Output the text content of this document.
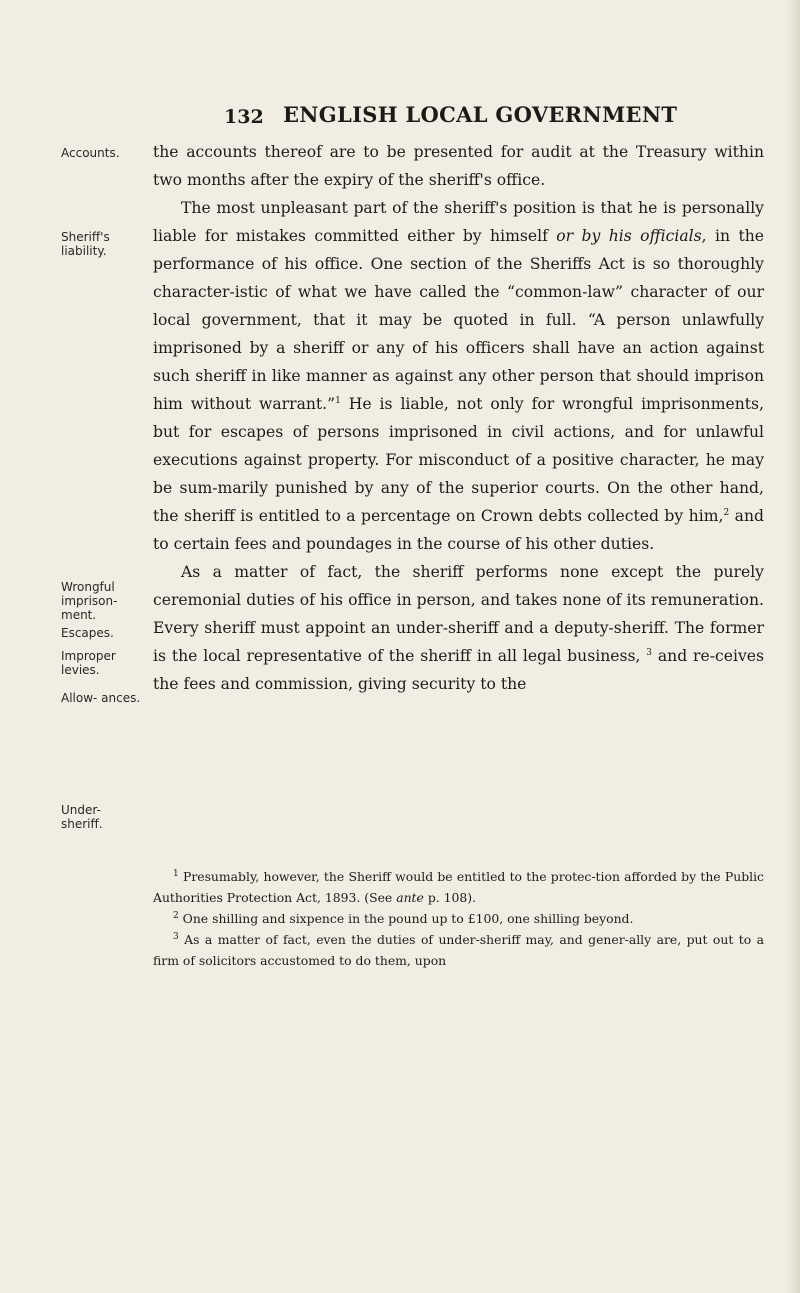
132 ENGLISH LOCAL GOVERNMENT
Accounts.
Sheriff's liability.
Wrongful imprison- ment.
Escapes.
Improper levies.
Allow- ances.
Under- sheriff.

the accounts thereof are to be presented for audit at the Treasury within two months after the expiry of the sheriff's office.

The most unpleasant part of the sheriff's position is that he is personally liable for mistakes committed either by himself or by his officials, in the performance of his office. One section of the Sheriffs Act is so thoroughly character-istic of what we have called the “common-law” character of our local government, that it may be quoted in full. “A person unlawfully imprisoned by a sheriff or any of his officers shall have an action against such sheriff in like manner as against any other person that should imprison him without warrant.”$^1$ He is liable, not only for wrongful imprisonments, but for escapes of persons imprisoned in civil actions, and for unlawful executions against property. For misconduct of a positive character, he may be sum-marily punished by any of the superior courts. On the other hand, the sheriff is entitled to a percentage on Crown debts collected by him,$^2$ and to certain fees and poundages in the course of his other duties.

As a matter of fact, the sheriff performs none except the purely ceremonial duties of his office in person, and takes none of its remuneration. Every sheriff must appoint an under-sheriff and a deputy-sheriff. The former is the local representative of the sheriff in all legal business, $^3$ and re-ceives the fees and commission, giving security to the

$^1$ Presumably, however, the Sheriff would be entitled to the protec-tion afforded by the Public Authorities Protection Act, 1893. (See ante p. 108).

$^2$ One shilling and sixpence in the pound up to £100, one shilling beyond.

$^3$ As a matter of fact, even the duties of under-sheriff may, and gener-ally are, put out to a firm of solicitors accustomed to do them, upon
